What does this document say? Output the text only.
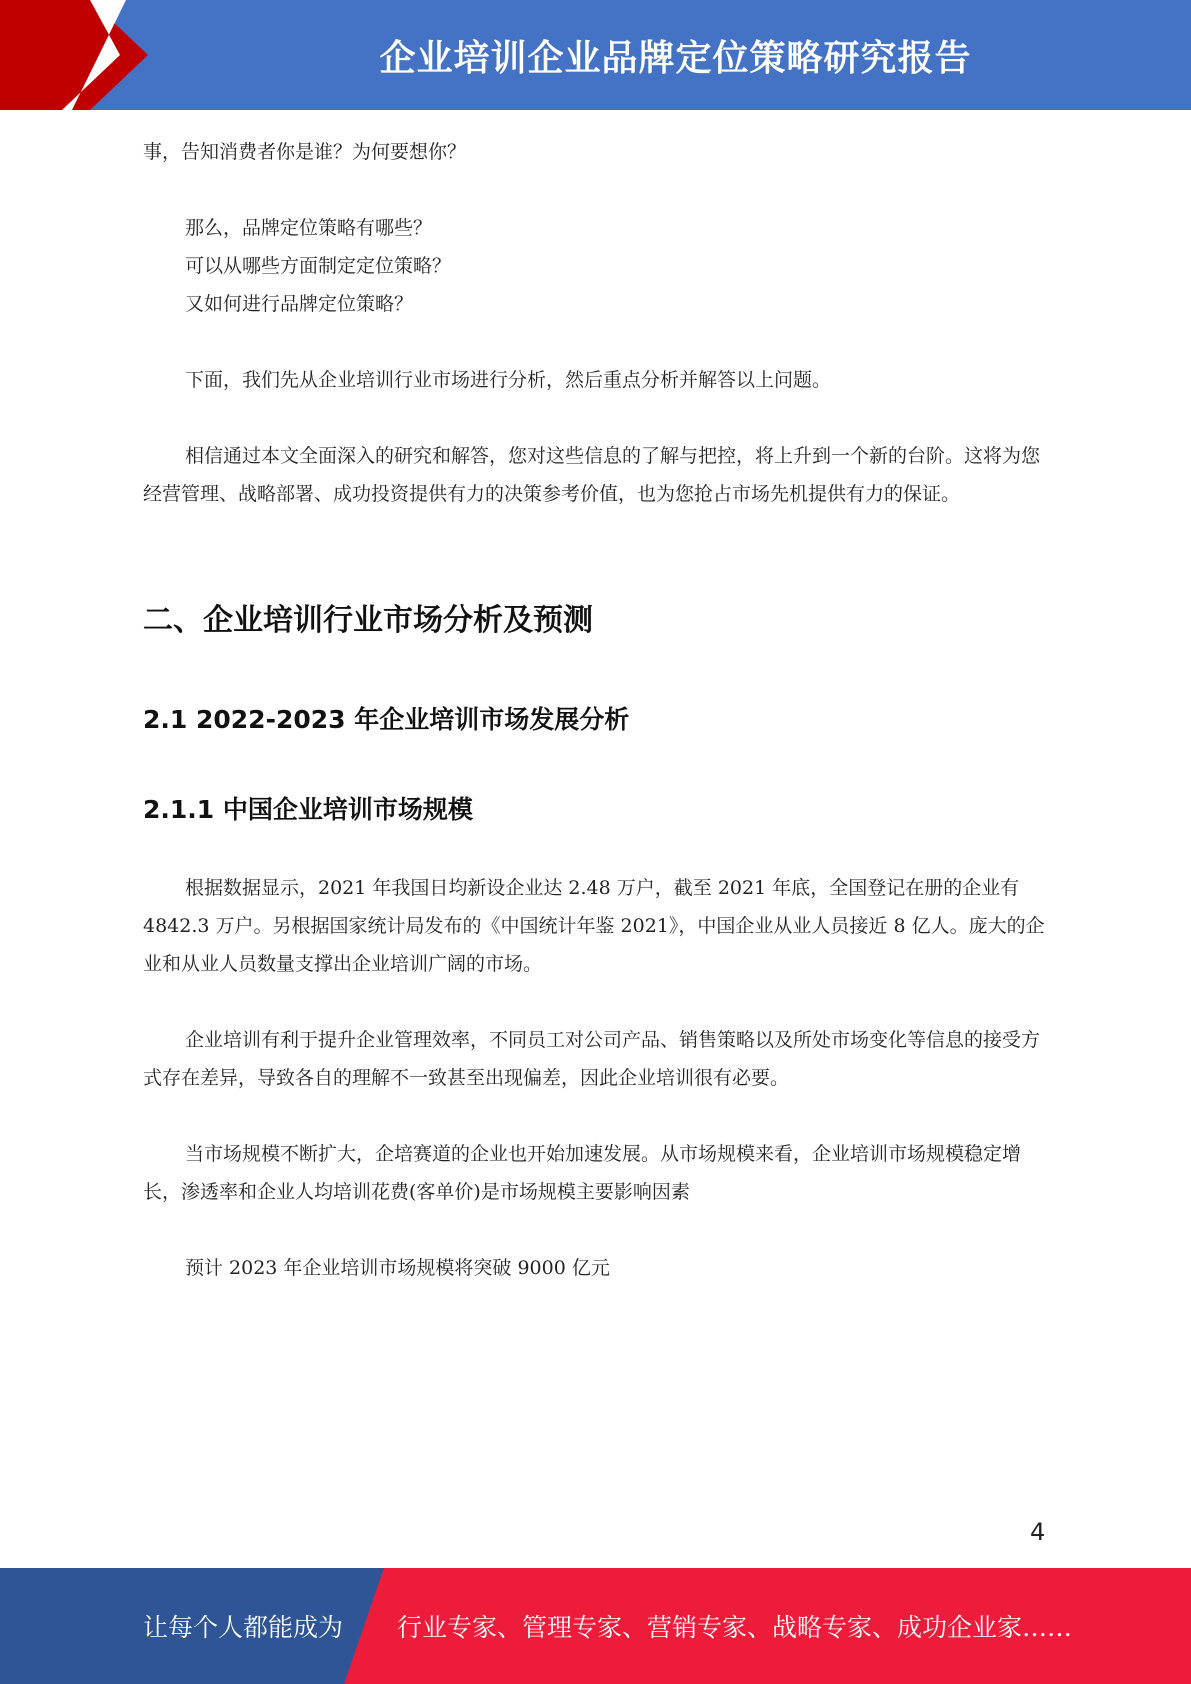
企业培训企业品牌定位策略研究报告
事，告知消费者你是谁？为何要想你？
那么，品牌定位策略有哪些？
可以从哪些方面制定定位策略？
又如何进行品牌定位策略？
下面，我们先从企业培训行业市场进行分析，然后重点分析并解答以上问题。
相信通过本文全面深入的研究和解答，您对这些信息的了解与把控，将上升到一个新的台阶。这将为您经营管理、战略部署、成功投资提供有力的决策参考价值，也为您抢占市场先机提供有力的保证。
二、企业培训行业市场分析及预测
2.1 2022-2023 年企业培训市场发展分析
2.1.1 中国企业培训市场规模
根据数据显示，2021 年我国日均新设企业达 2.48 万户，截至 2021 年底，全国登记在册的企业有 4842.3 万户。另根据国家统计局发布的《中国统计年鉴 2021》，中国企业从业人员接近 8 亿人。庞大的企业和从业人员数量支撑出企业培训广阔的市场。
企业培训有利于提升企业管理效率，不同员工对公司产品、销售策略以及所处市场变化等信息的接受方式存在差异，导致各自的理解不一致甚至出现偏差，因此企业培训很有必要。
当市场规模不断扩大，企培赛道的企业也开始加速发展。从市场规模来看，企业培训市场规模稳定增长，渗透率和企业人均培训花费(客单价)是市场规模主要影响因素
预计 2023 年企业培训市场规模将突破 9000 亿元
4
让每个人都能成为 行业专家、管理专家、营销专家、战略专家、成功企业家……
